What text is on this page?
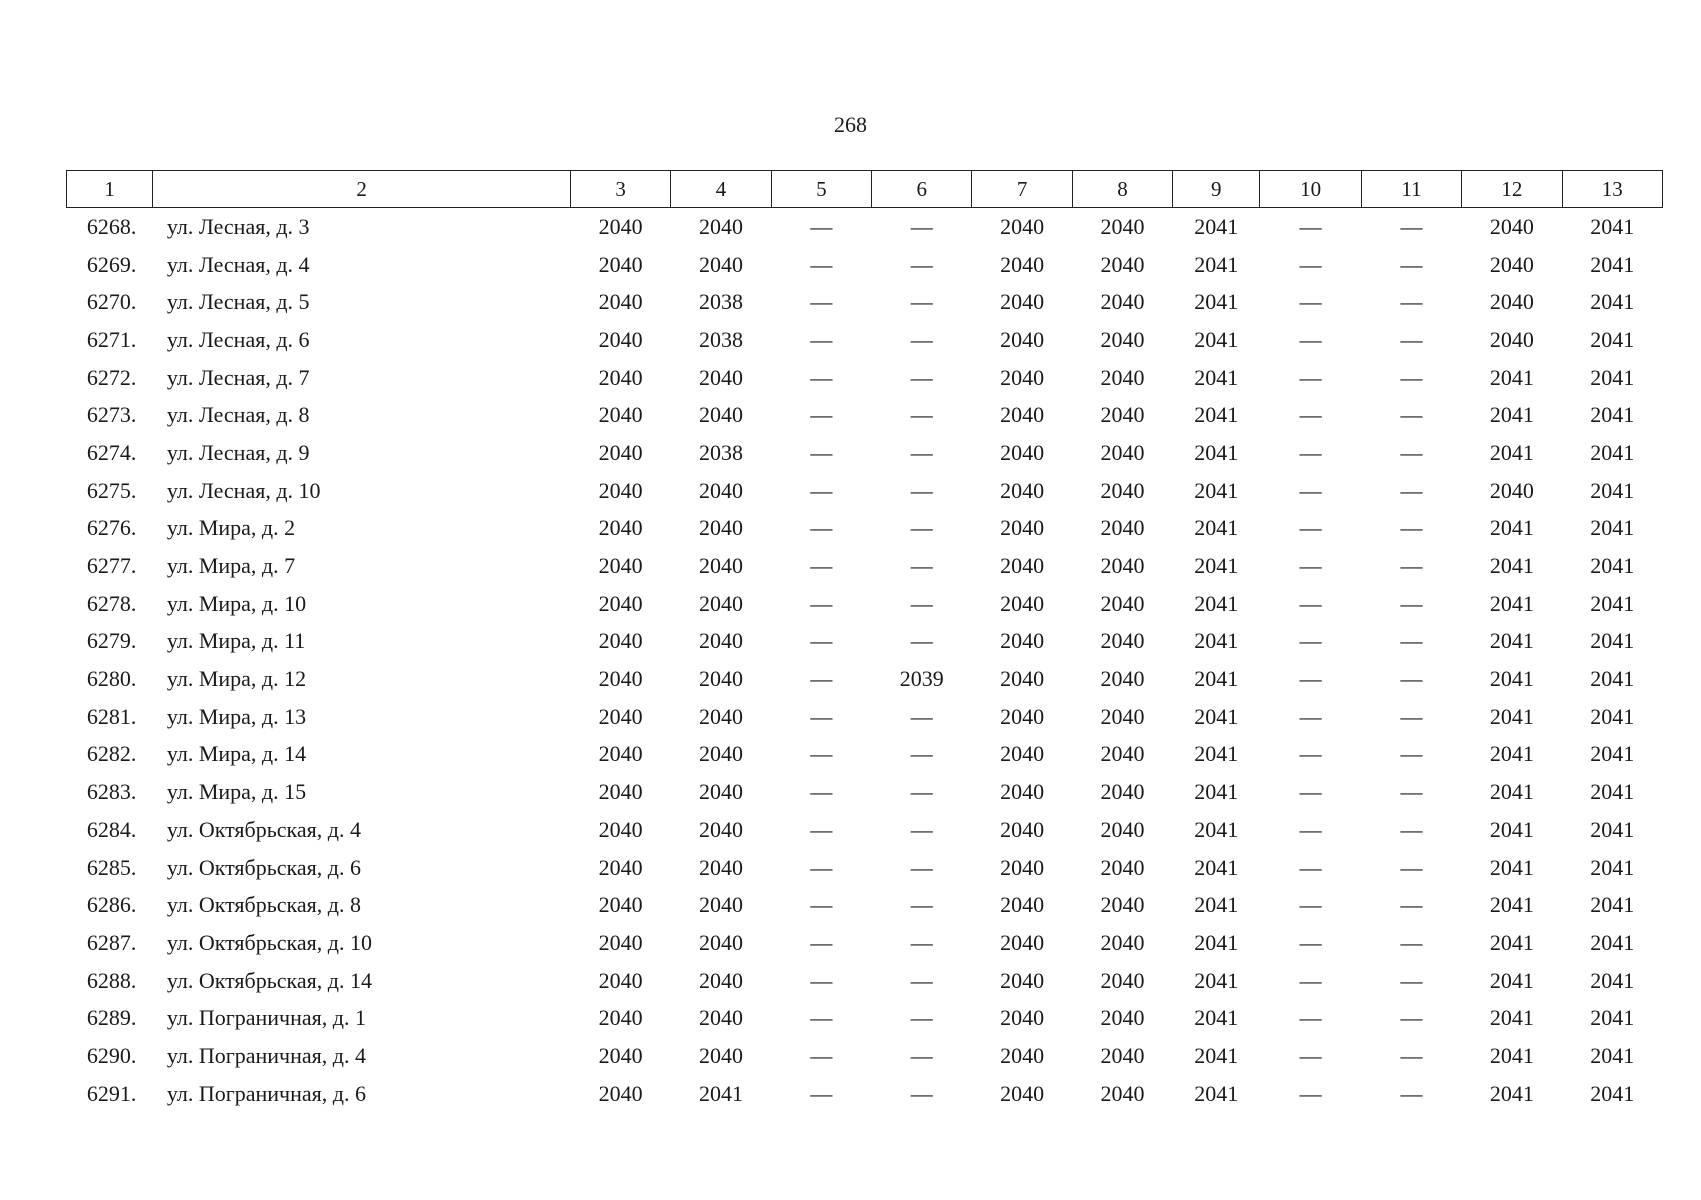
268
1	2	3	4	5	6	7	8	9	10	11	12	13
6268.	ул. Лесная, д. 3	2040	2040	—	—	2040	2040	2041	—	—	2040	2041
6269.	ул. Лесная, д. 4	2040	2040	—	—	2040	2040	2041	—	—	2040	2041
6270.	ул. Лесная, д. 5	2040	2038	—	—	2040	2040	2041	—	—	2040	2041
6271.	ул. Лесная, д. 6	2040	2038	—	—	2040	2040	2041	—	—	2040	2041
6272.	ул. Лесная, д. 7	2040	2040	—	—	2040	2040	2041	—	—	2041	2041
6273.	ул. Лесная, д. 8	2040	2040	—	—	2040	2040	2041	—	—	2041	2041
6274.	ул. Лесная, д. 9	2040	2038	—	—	2040	2040	2041	—	—	2041	2041
6275.	ул. Лесная, д. 10	2040	2040	—	—	2040	2040	2041	—	—	2040	2041
6276.	ул. Мира, д. 2	2040	2040	—	—	2040	2040	2041	—	—	2041	2041
6277.	ул. Мира, д. 7	2040	2040	—	—	2040	2040	2041	—	—	2041	2041
6278.	ул. Мира, д. 10	2040	2040	—	—	2040	2040	2041	—	—	2041	2041
6279.	ул. Мира, д. 11	2040	2040	—	—	2040	2040	2041	—	—	2041	2041
6280.	ул. Мира, д. 12	2040	2040	—	2039	2040	2040	2041	—	—	2041	2041
6281.	ул. Мира, д. 13	2040	2040	—	—	2040	2040	2041	—	—	2041	2041
6282.	ул. Мира, д. 14	2040	2040	—	—	2040	2040	2041	—	—	2041	2041
6283.	ул. Мира, д. 15	2040	2040	—	—	2040	2040	2041	—	—	2041	2041
6284.	ул. Октябрьская, д. 4	2040	2040	—	—	2040	2040	2041	—	—	2041	2041
6285.	ул. Октябрьская, д. 6	2040	2040	—	—	2040	2040	2041	—	—	2041	2041
6286.	ул. Октябрьская, д. 8	2040	2040	—	—	2040	2040	2041	—	—	2041	2041
6287.	ул. Октябрьская, д. 10	2040	2040	—	—	2040	2040	2041	—	—	2041	2041
6288.	ул. Октябрьская, д. 14	2040	2040	—	—	2040	2040	2041	—	—	2041	2041
6289.	ул. Пограничная, д. 1	2040	2040	—	—	2040	2040	2041	—	—	2041	2041
6290.	ул. Пограничная, д. 4	2040	2040	—	—	2040	2040	2041	—	—	2041	2041
6291.	ул. Пограничная, д. 6	2040	2041	—	—	2040	2040	2041	—	—	2041	2041
